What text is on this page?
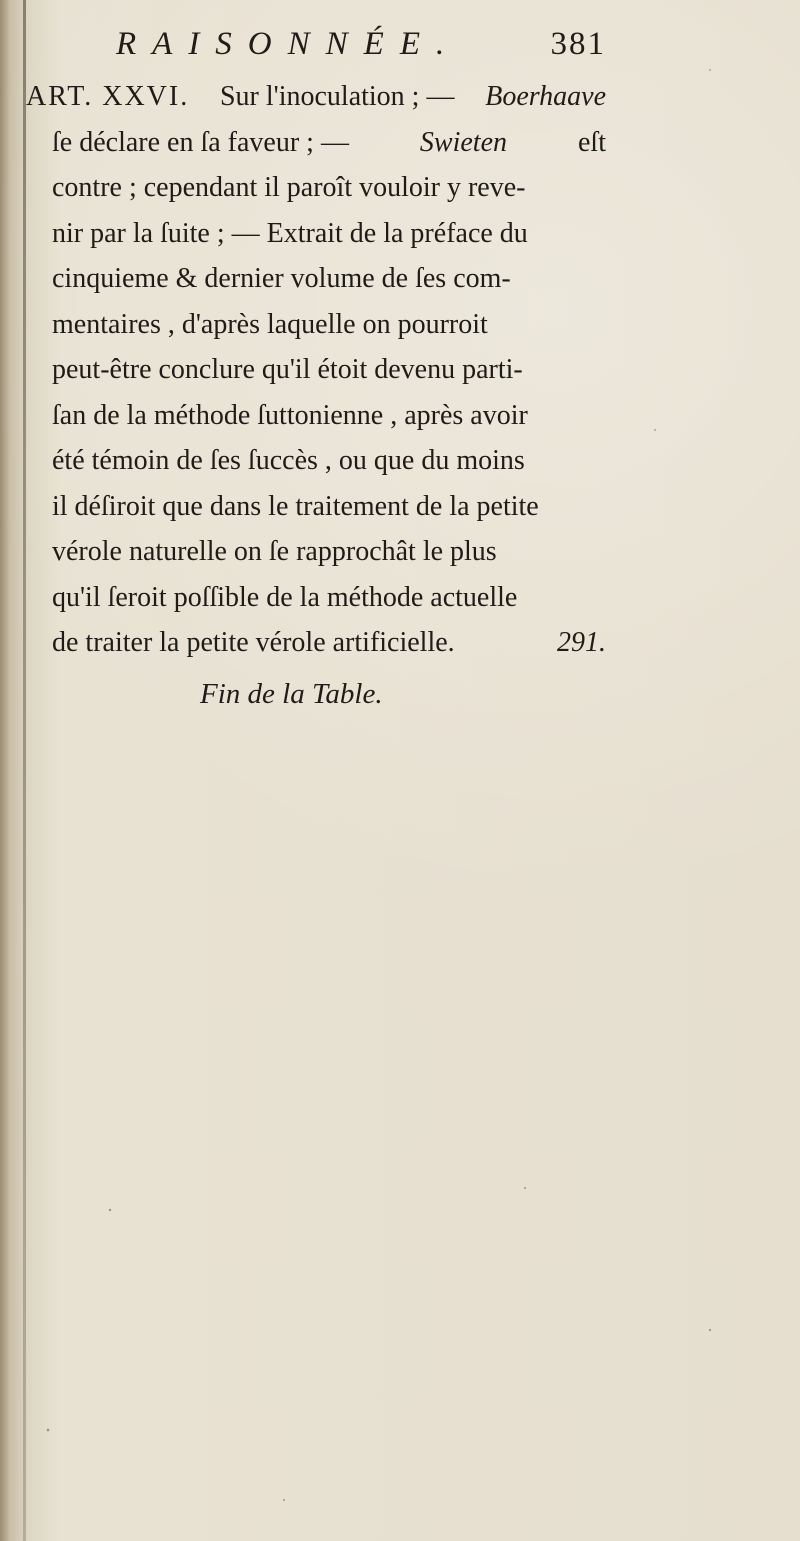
RAISONNÉE.	381
ART. XXVI. Sur l'inoculation ; — Boerhaave
ſe déclare en ſa faveur ; —	Swieten	eſt
contre ; cependant il paroît vouloir y reve-
nir par la ſuite ; — Extrait de la préface du
cinquieme & dernier volume de ſes com-
mentaires , d'après laquelle on pourroit
peut-être conclure qu'il étoit devenu parti-
ſan de la méthode ſuttonienne , après avoir
été témoin de ſes ſuccès , ou que du moins
il déſiroit que dans le traitement de la petite
vérole naturelle on ſe rapprochât le plus
qu'il ſeroit poſſible de la méthode actuelle
de traiter la petite vérole artificielle.	291.
Fin de la Table.
